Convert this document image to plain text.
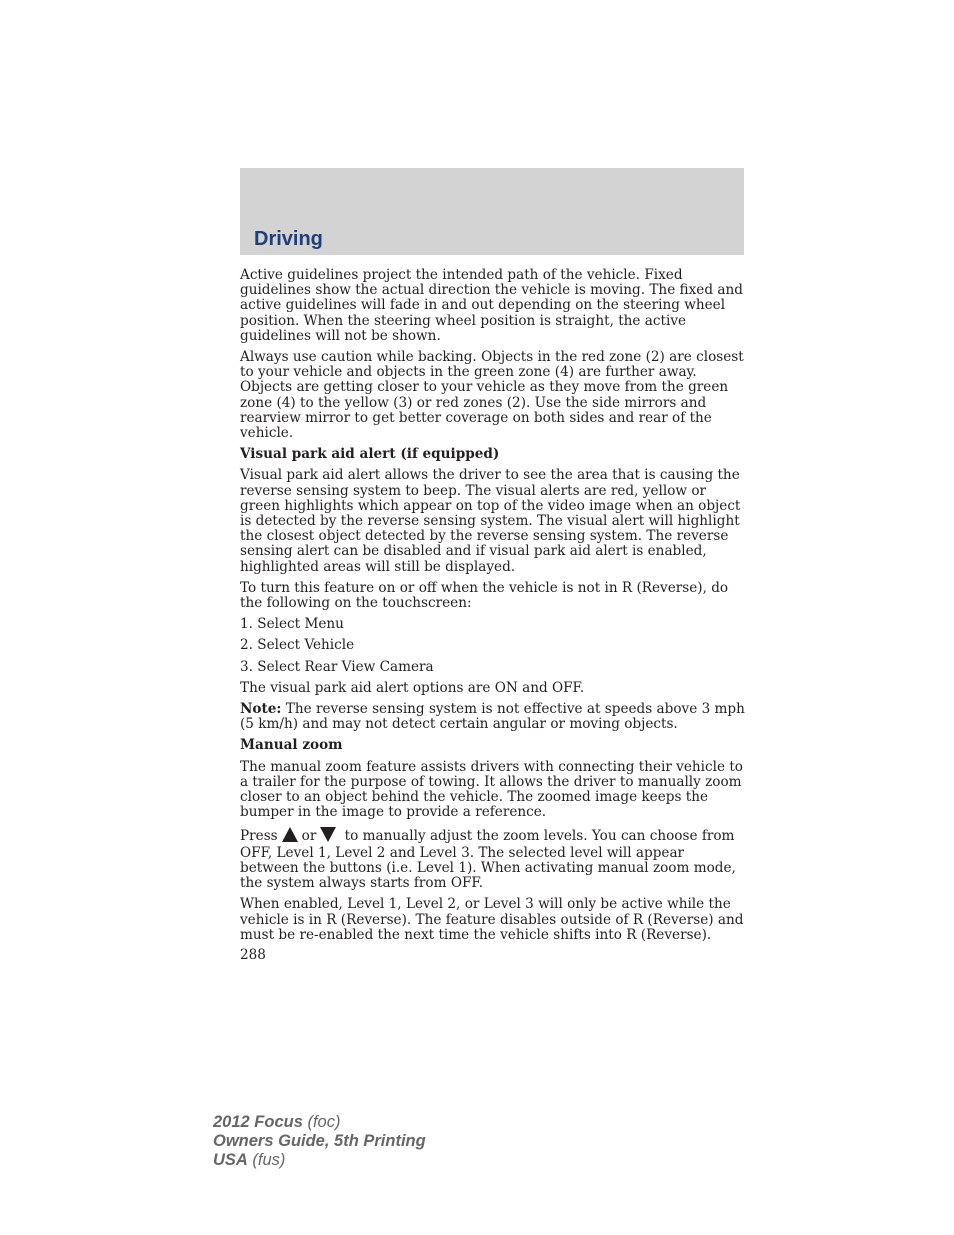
Driving

Active guidelines project the intended path of the vehicle. Fixed guidelines show the actual direction the vehicle is moving. The fixed and active guidelines will fade in and out depending on the steering wheel position. When the steering wheel position is straight, the active guidelines will not be shown.

Always use caution while backing. Objects in the red zone (2) are closest to your vehicle and objects in the green zone (4) are further away. Objects are getting closer to your vehicle as they move from the green zone (4) to the yellow (3) or red zones (2). Use the side mirrors and rearview mirror to get better coverage on both sides and rear of the vehicle.

Visual park aid alert (if equipped)

Visual park aid alert allows the driver to see the area that is causing the reverse sensing system to beep. The visual alerts are red, yellow or green highlights which appear on top of the video image when an object is detected by the reverse sensing system. The visual alert will highlight the closest object detected by the reverse sensing system. The reverse sensing alert can be disabled and if visual park aid alert is enabled, highlighted areas will still be displayed.

To turn this feature on or off when the vehicle is not in R (Reverse), do the following on the touchscreen:

1. Select Menu

2. Select Vehicle

3. Select Rear View Camera

The visual park aid alert options are ON and OFF.

Note: The reverse sensing system is not effective at speeds above 3 mph (5 km/h) and may not detect certain angular or moving objects.

Manual zoom

The manual zoom feature assists drivers with connecting their vehicle to a trailer for the purpose of towing. It allows the driver to manually zoom closer to an object behind the vehicle. The zoomed image keeps the bumper in the image to provide a reference.

Press or to manually adjust the zoom levels. You can choose from OFF, Level 1, Level 2 and Level 3. The selected level will appear between the buttons (i.e. Level 1). When activating manual zoom mode, the system always starts from OFF.

When enabled, Level 1, Level 2, or Level 3 will only be active while the vehicle is in R (Reverse). The feature disables outside of R (Reverse) and must be re-enabled the next time the vehicle shifts into R (Reverse).

288
2012 Focus (foc)
Owners Guide, 5th Printing
USA (fus)
